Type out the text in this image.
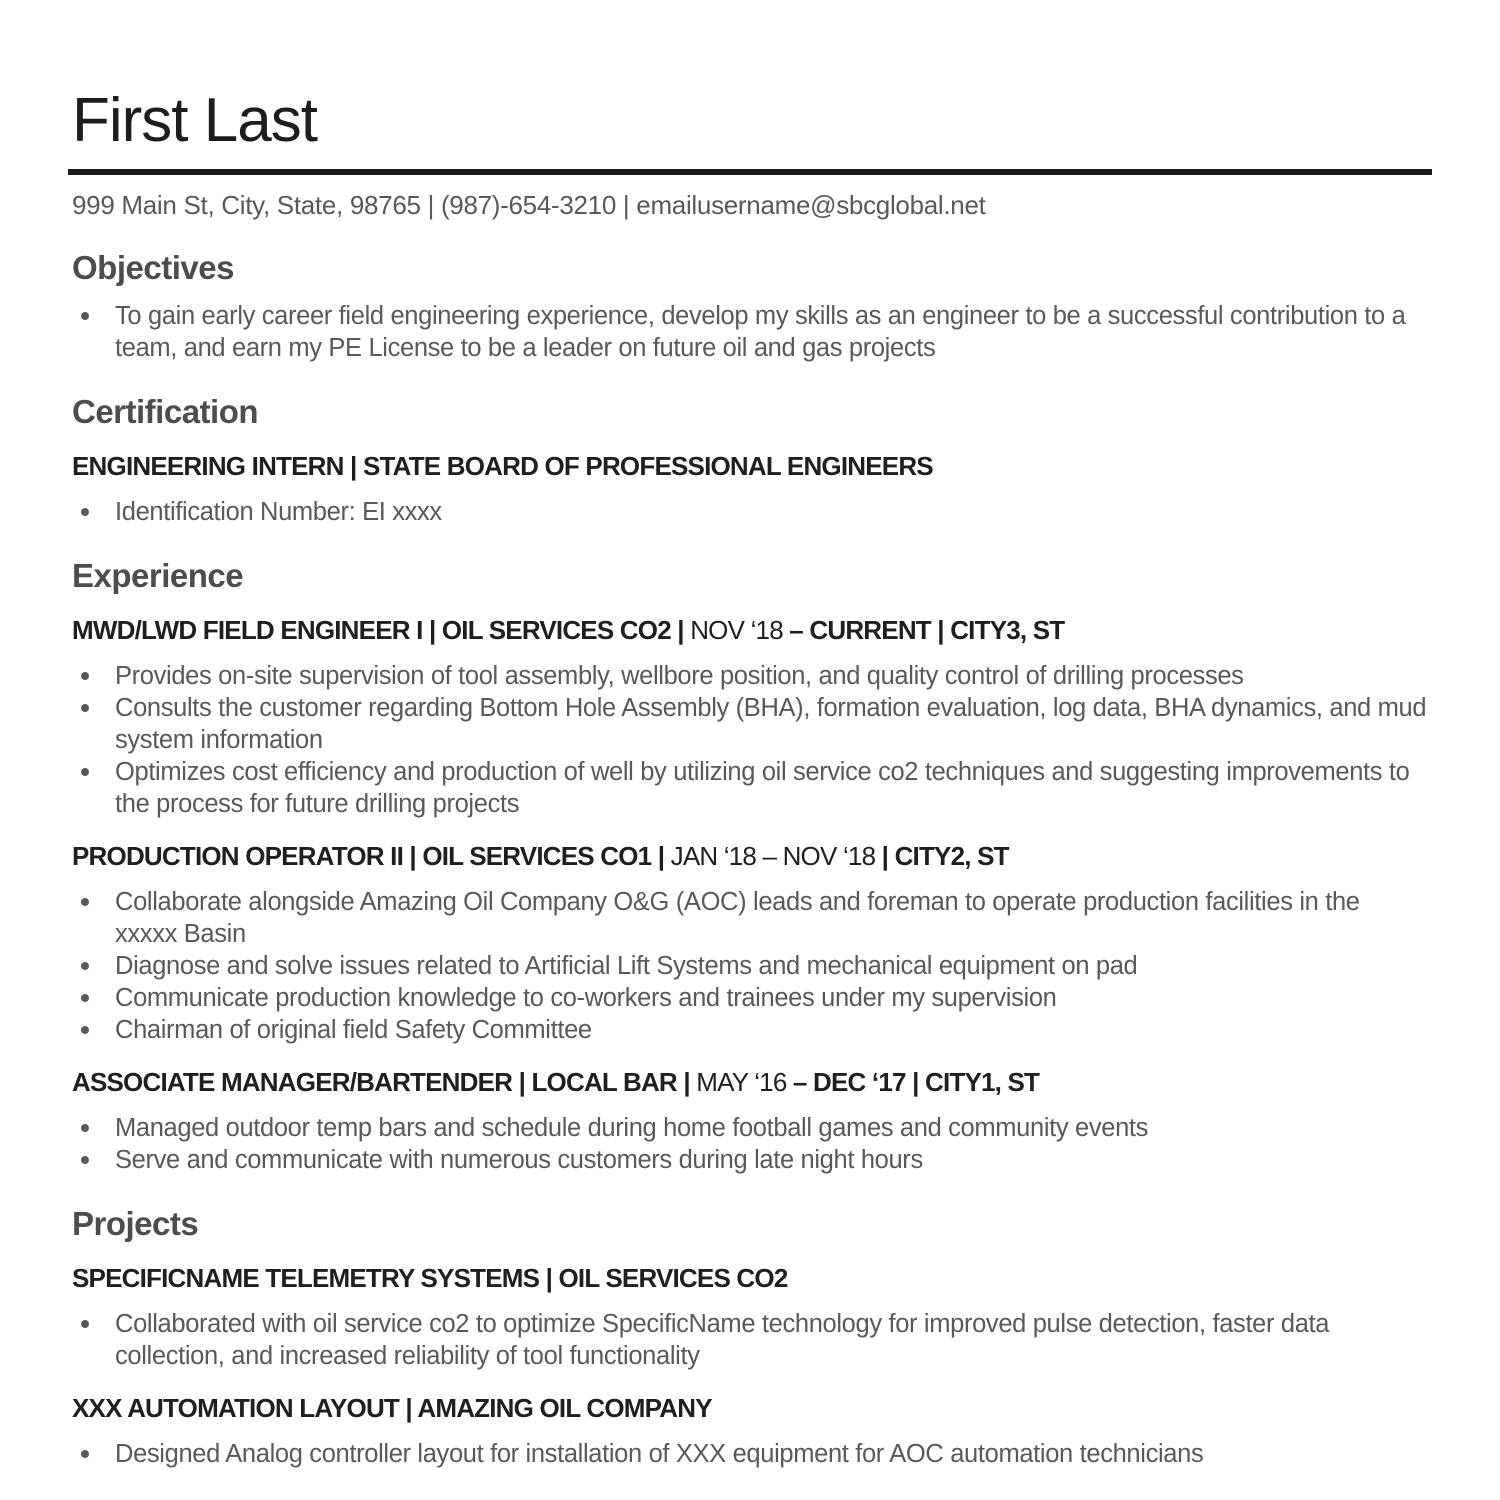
First Last
999 Main St, City, State, 98765 | (987)-654-3210 | emailusername@sbcglobal.net
Objectives
To gain early career field engineering experience, develop my skills as an engineer to be a successful contribution to a team, and earn my PE License to be a leader on future oil and gas projects
Certification
ENGINEERING INTERN | STATE BOARD OF PROFESSIONAL ENGINEERS
Identification Number: EI xxxx
Experience
MWD/LWD FIELD ENGINEER I | OIL SERVICES CO2 | NOV ‘18 – CURRENT | CITY3, ST
Provides on-site supervision of tool assembly, wellbore position, and quality control of drilling processes
Consults the customer regarding Bottom Hole Assembly (BHA), formation evaluation, log data, BHA dynamics, and mud system information
Optimizes cost efficiency and production of well by utilizing oil service co2 techniques and suggesting improvements to the process for future drilling projects
PRODUCTION OPERATOR II | OIL SERVICES CO1 | JAN ‘18 – NOV ‘18 | CITY2, ST
Collaborate alongside Amazing Oil Company O&G (AOC) leads and foreman to operate production facilities in the xxxxx Basin
Diagnose and solve issues related to Artificial Lift Systems and mechanical equipment on pad
Communicate production knowledge to co-workers and trainees under my supervision
Chairman of original field Safety Committee
ASSOCIATE MANAGER/BARTENDER | LOCAL BAR | MAY ‘16 – DEC ‘17 | CITY1, ST
Managed outdoor temp bars and schedule during home football games and community events
Serve and communicate with numerous customers during late night hours
Projects
SPECIFICNAME TELEMETRY SYSTEMS | OIL SERVICES CO2
Collaborated with oil service co2 to optimize SpecificName technology for improved pulse detection, faster data collection, and increased reliability of tool functionality
XXX AUTOMATION LAYOUT | AMAZING OIL COMPANY
Designed Analog controller layout for installation of XXX equipment for AOC automation technicians
